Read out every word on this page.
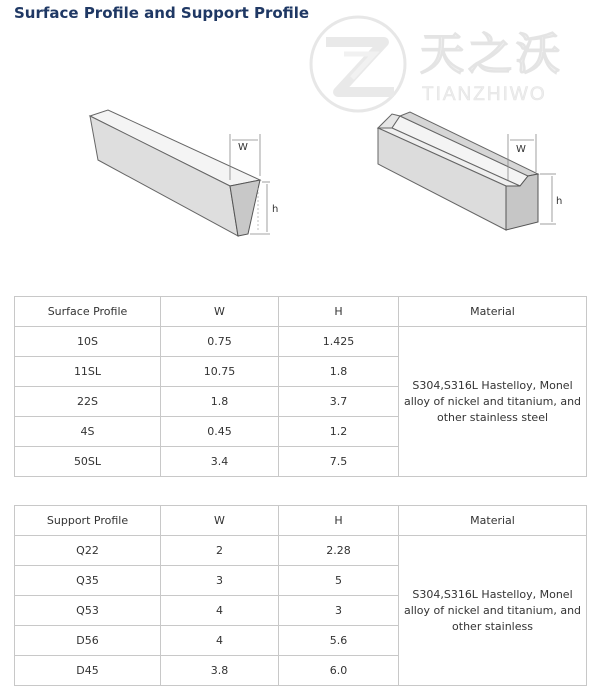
Surface Profile and Support Profile
天之沃
TIANZHIWO
W
h
W
h
Surface Profile	W	H	Material
10S	0.75	1.425	S304,S316L Hastelloy, Monel alloy of nickel and titanium, and other stainless steel
11SL	10.75	1.8	
22S	1.8	3.7	
4S	0.45	1.2	
50SL	3.4	7.5	
Support Profile	W	H	Material
Q22	2	2.28	S304,S316L Hastelloy, Monel alloy of nickel and titanium, and other stainless
Q35	3	5	
Q53	4	3	
D56	4	5.6	
D45	3.8	6.0	
